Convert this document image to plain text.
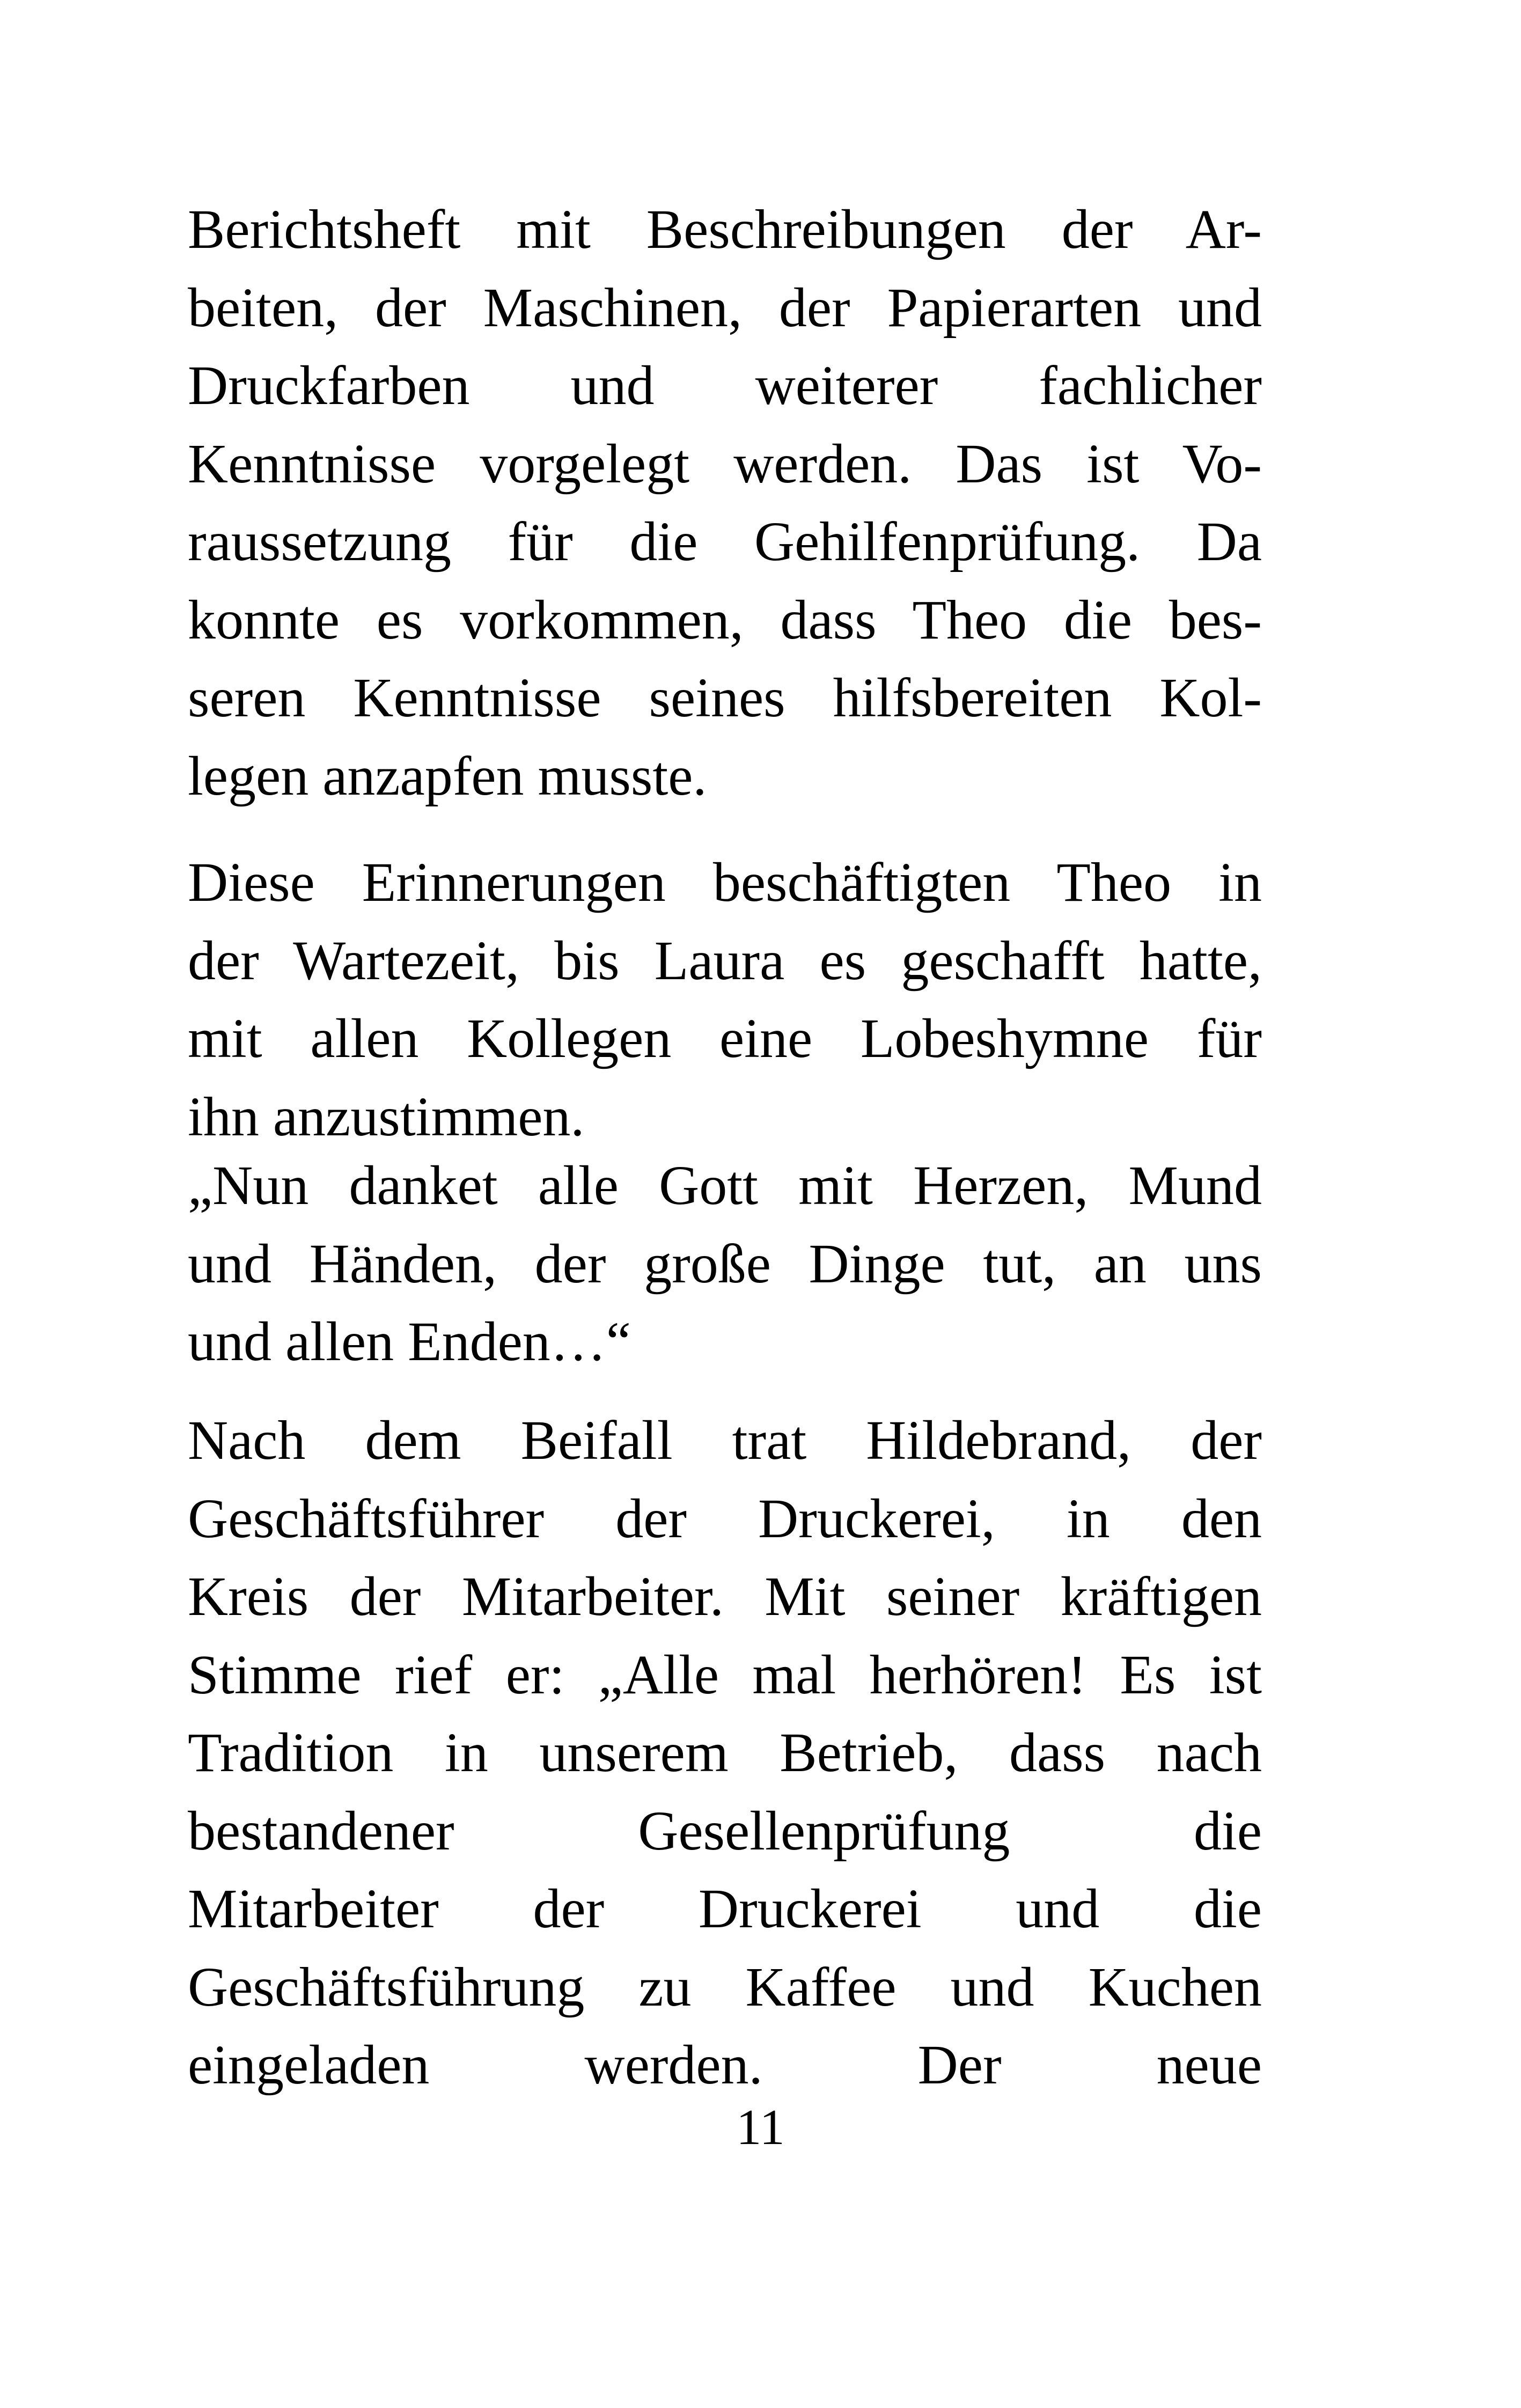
Berichtsheft mit Beschreibungen der Ar-
beiten, der Maschinen, der Papierarten und
Druckfarben und weiterer fachlicher
Kenntnisse vorgelegt werden. Das ist Vo-
raussetzung für die Gehilfenprüfung. Da
konnte es vorkommen, dass Theo die bes-
seren Kenntnisse seines hilfsbereiten Kol-
legen anzapfen musste.
Diese Erinnerungen beschäftigten Theo in
der Wartezeit, bis Laura es geschafft hatte,
mit allen Kollegen eine Lobeshymne für
ihn anzustimmen.
„Nun danket alle Gott mit Herzen, Mund
und Händen, der große Dinge tut, an uns
und allen Enden…“
Nach dem Beifall trat Hildebrand, der
Geschäftsführer der Druckerei, in den
Kreis der Mitarbeiter. Mit seiner kräftigen
Stimme rief er: „Alle mal herhören! Es ist
Tradition in unserem Betrieb, dass nach
bestandener Gesellenprüfung die
Mitarbeiter der Druckerei und die
Geschäftsführung zu Kaffee und Kuchen
eingeladen werden. Der neue
11
